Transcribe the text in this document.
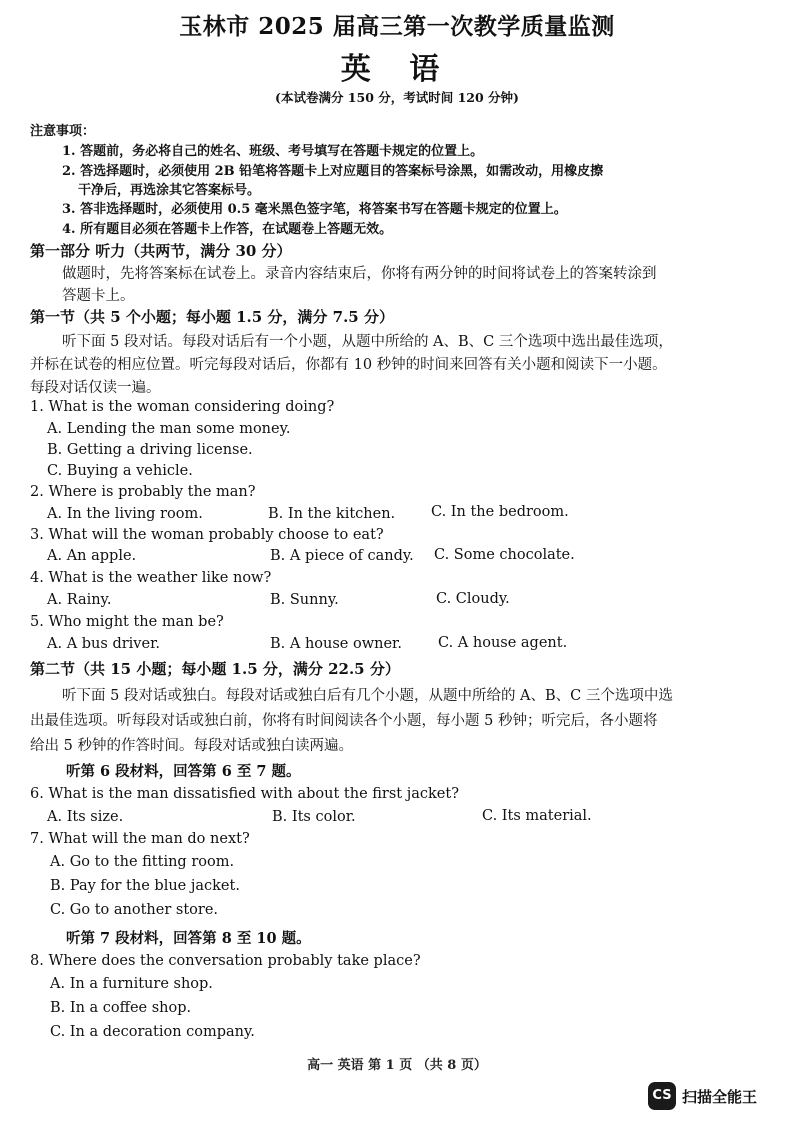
玉林市 2025 届高三第一次教学质量监测
英 语
(本试卷满分 150 分，考试时间 120 分钟)
注意事项：
1. 答题前，务必将自己的姓名、班级、考号填写在答题卡规定的位置上。
2. 答选择题时，必须使用 2B 铅笔将答题卡上对应题目的答案标号涂黑，如需改动，用橡皮擦
干净后，再选涂其它答案标号。
3. 答非选择题时，必须使用 0.5 毫米黑色签字笔，将答案书写在答题卡规定的位置上。
4. 所有题目必须在答题卡上作答，在试题卷上答题无效。
第一部分 听力（共两节，满分 30 分）
做题时，先将答案标在试卷上。录音内容结束后，你将有两分钟的时间将试卷上的答案转涂到
答题卡上。
第一节（共 5 个小题；每小题 1.5 分，满分 7.5 分）
听下面 5 段对话。每段对话后有一个小题，从题中所给的 A、B、C 三个选项中选出最佳选项，
并标在试卷的相应位置。听完每段对话后，你都有 10 秒钟的时间来回答有关小题和阅读下一小题。
每段对话仅读一遍。
1. What is the woman considering doing?
A. Lending the man some money.
B. Getting a driving license.
C. Buying a vehicle.
2. Where is probably the man?
A. In the living room.	B. In the kitchen. C. In the bedroom.
3. What will the woman probably choose to eat?
A. An apple.	B. A piece of candy. C. Some chocolate.
4. What is the weather like now?
A. Rainy.	B. Sunny.	C. Cloudy.
5. Who might the man be?
A. A bus driver.	B. A house owner. C. A house agent.
第二节（共 15 小题；每小题 1.5 分，满分 22.5 分）
听下面 5 段对话或独白。每段对话或独白后有几个小题，从题中所给的 A、B、C 三个选项中选
出最佳选项。听每段对话或独白前，你将有时间阅读各个小题，每小题 5 秒钟；听完后，各小题将
给出 5 秒钟的作答时间。每段对话或独白读两遍。
听第 6 段材料，回答第 6 至 7 题。
6. What is the man dissatisfied with about the first jacket?
A. Its size.	B. Its color.	C. Its material.
7. What will the man do next?
A. Go to the fitting room.
B. Pay for the blue jacket.
C. Go to another store.
听第 7 段材料，回答第 8 至 10 题。
8. Where does the conversation probably take place?
A. In a furniture shop.
B. In a coffee shop.
C. In a decoration company.
高一 英语 第 1 页 （共 8 页）
CS 扫描全能王
